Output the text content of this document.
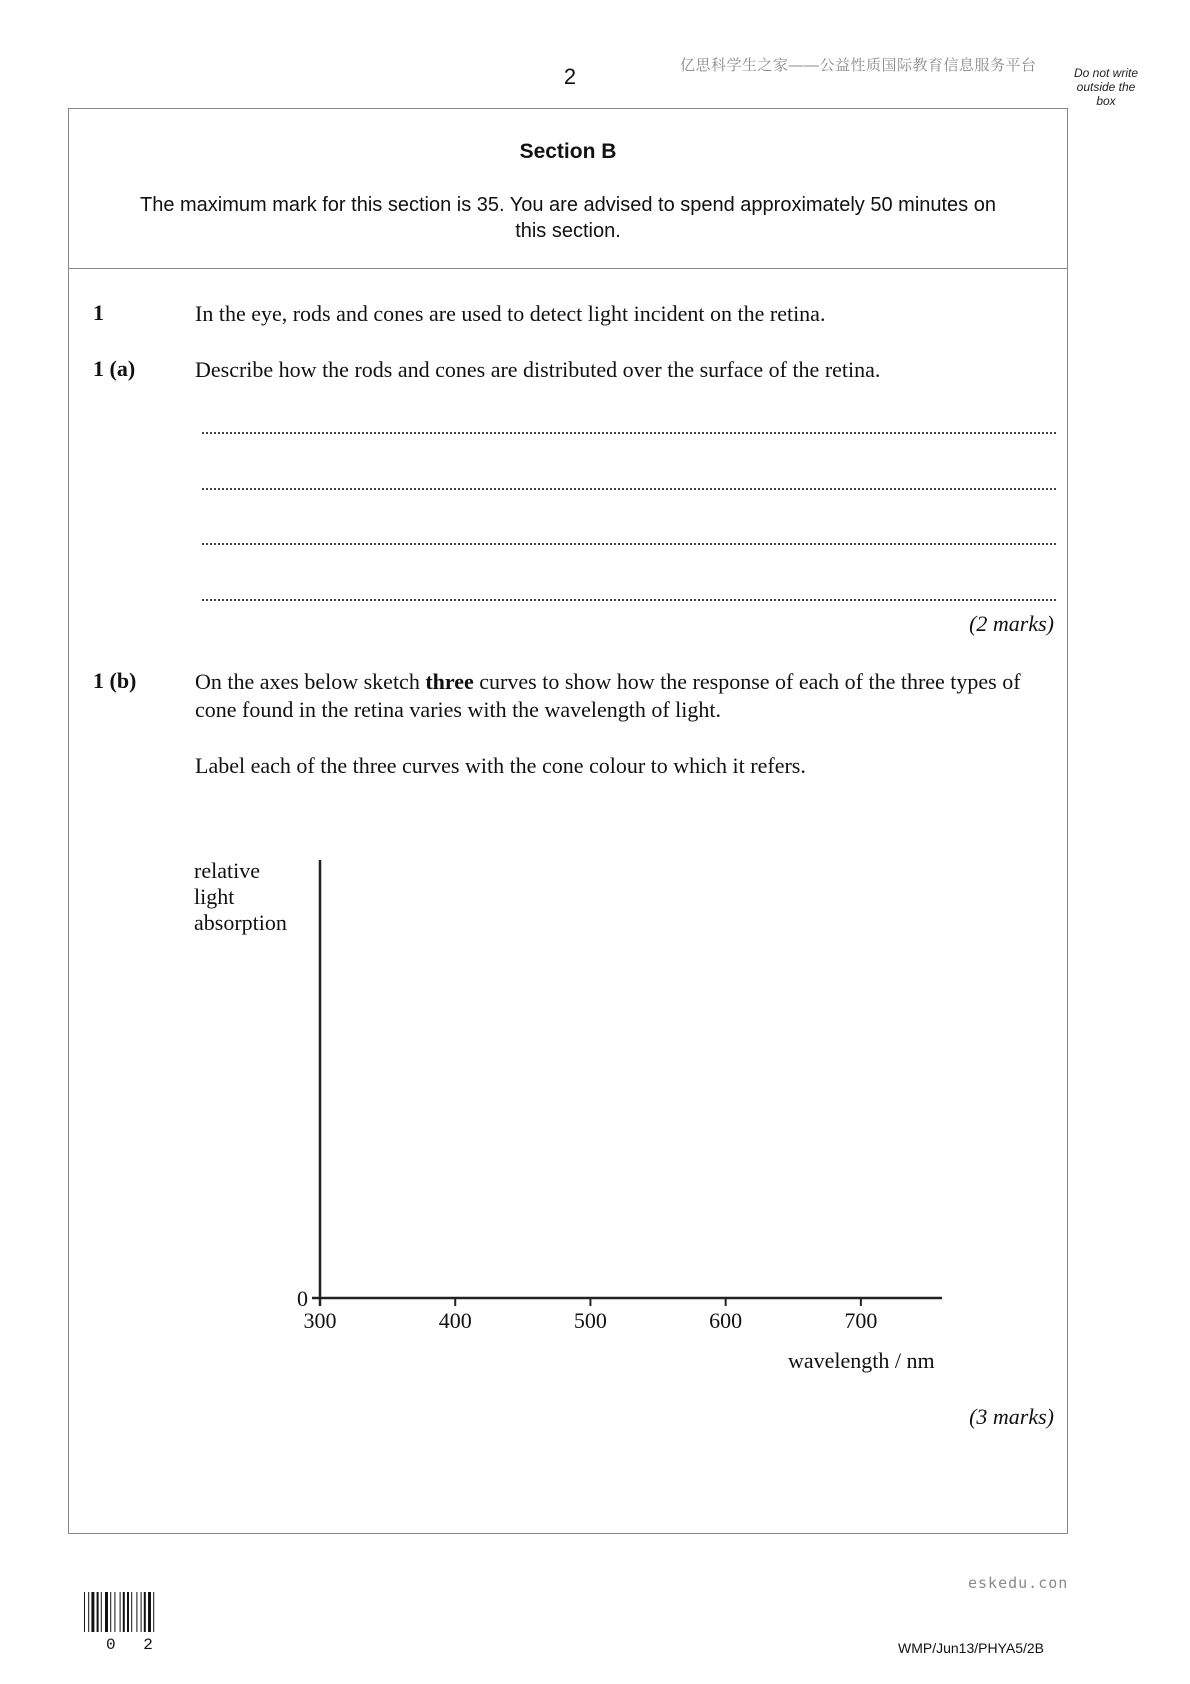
2	亿思科学生之家——公益性质国际教育信息服务平台	Do not write outside the box
Section B
The maximum mark for this section is 35. You are advised to spend approximately 50 minutes on this section.
1	In the eye, rods and cones are used to detect light incident on the retina.
1 (a)	Describe how the rods and cones are distributed over the surface of the retina.
(2 marks)
1 (b)	On the axes below sketch three curves to show how the response of each of the three types of cone found in the retina varies with the wavelength of light.
Label each of the three curves with the cone colour to which it refers.
relative light absorption
300	400	500	600	700
0
wavelength / nm
(3 marks)
0 2
eskedu.con
WMP/Jun13/PHYA5/2B
